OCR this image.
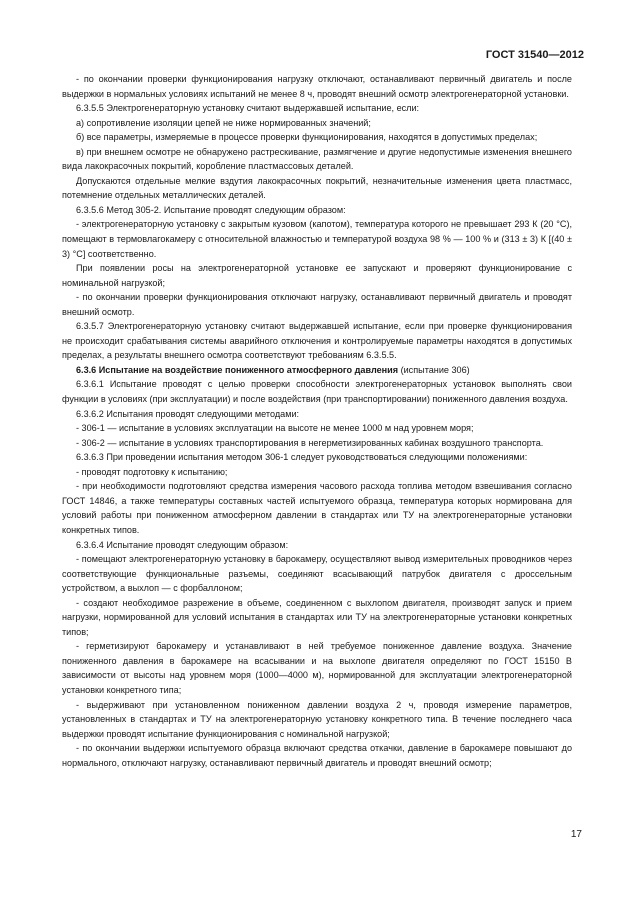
ГОСТ 31540—2012

- по окончании проверки функционирования нагрузку отключают, останавливают первичный двигатель и после выдержки в нормальных условиях испытаний не менее 8 ч, проводят внешний осмотр электрогенераторной установки.

6.3.5.5 Электрогенераторную установку считают выдержавшей испытание, если:

а) сопротивление изоляции цепей не ниже нормированных значений;

б) все параметры, измеряемые в процессе проверки функционирования, находятся в допустимых пределах;

в) при внешнем осмотре не обнаружено растрескивание, размягчение и другие недопустимые изменения внешнего вида лакокрасочных покрытий, коробление пластмассовых деталей.

Допускаются отдельные мелкие вздутия лакокрасочных покрытий, незначительные изменения цвета пластмасс, потемнение отдельных металлических деталей.

6.3.5.6 Метод 305-2. Испытание проводят следующим образом:

- электрогенераторную установку с закрытым кузовом (капотом), температура которого не превышает 293 К (20 °С), помещают в термовлагокамеру с относительной влажностью и температурой воздуха 98 % — 100 % и (313 ± 3) К [(40 ± 3) °С] соответственно.

При появлении росы на электрогенераторной установке ее запускают и проверяют функционирование с номинальной нагрузкой;

- по окончании проверки функционирования отключают нагрузку, останавливают первичный двигатель и проводят внешний осмотр.

6.3.5.7 Электрогенераторную установку считают выдержавшей испытание, если при проверке функционирования не происходит срабатывания системы аварийного отключения и контролируемые параметры находятся в допустимых пределах, а результаты внешнего осмотра соответствуют требованиям 6.3.5.5.

6.3.6 Испытание на воздействие пониженного атмосферного давления (испытание 306)

6.3.6.1 Испытание проводят с целью проверки способности электрогенераторных установок выполнять свои функции в условиях (при эксплуатации) и после воздействия (при транспортировании) пониженного давления воздуха.

6.3.6.2 Испытания проводят следующими методами:

- 306-1 — испытание в условиях эксплуатации на высоте не менее 1000 м над уровнем моря;

- 306-2 — испытание в условиях транспортирования в негерметизированных кабинах воздушного транспорта.

6.3.6.3 При проведении испытания методом 306-1 следует руководствоваться следующими положениями:

- проводят подготовку к испытанию;

- при необходимости подготовляют средства измерения часового расхода топлива методом взвешивания согласно ГОСТ 14846, а также температуры составных частей испытуемого образца, температура которых нормирована для условий работы при пониженном атмосферном давлении в стандартах или ТУ на электрогенераторные установки конкретных типов.

6.3.6.4 Испытание проводят следующим образом:

- помещают электрогенераторную установку в барокамеру, осуществляют вывод измерительных проводников через соответствующие функциональные разъемы, соединяют всасывающий патрубок двигателя с дроссельным устройством, а выхлоп — с форбаллоном;

- создают необходимое разрежение в объеме, соединенном с выхлопом двигателя, производят запуск и прием нагрузки, нормированной для условий испытания в стандартах или ТУ на электрогенераторные установки конкретных типов;

- герметизируют барокамеру и устанавливают в ней требуемое пониженное давление воздуха. Значение пониженного давления в барокамере на всасывании и на выхлопе двигателя определяют по ГОСТ 15150 В зависимости от высоты над уровнем моря (1000—4000 м), нормированной для эксплуатации электрогенераторной установки конкретного типа;

- выдерживают при установленном пониженном давлении воздуха 2 ч, проводя измерение параметров, установленных в стандартах и ТУ на электрогенераторную установку конкретного типа. В течение последнего часа выдержки проводят испытание функционирования с номинальной нагрузкой;

- по окончании выдержки испытуемого образца включают средства откачки, давление в барокамере повышают до нормального, отключают нагрузку, останавливают первичный двигатель и проводят внешний осмотр;

17
